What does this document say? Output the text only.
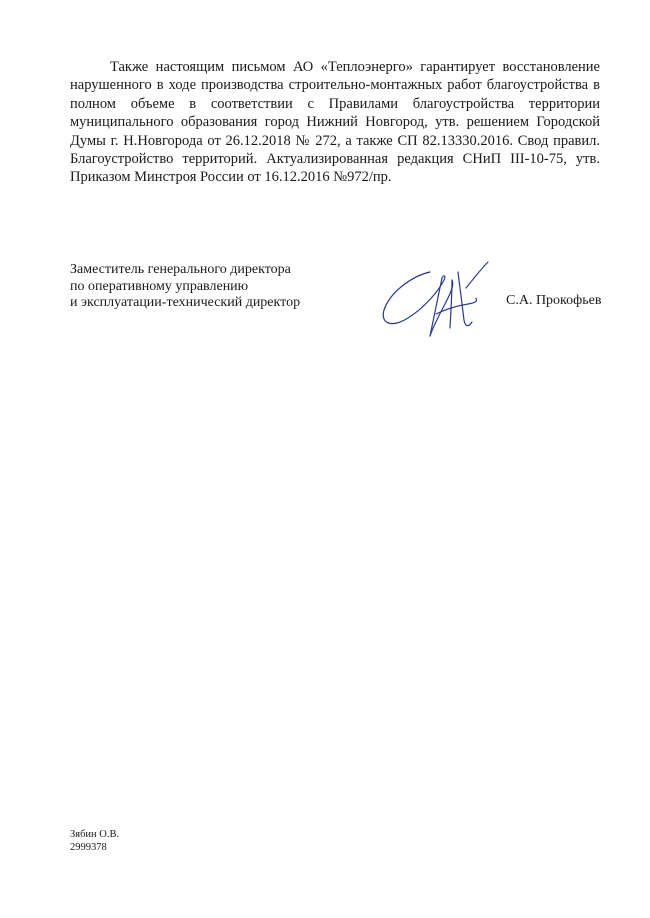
Также настоящим письмом АО «Теплоэнерго» гарантирует восстановление нарушенного в ходе производства строительно-монтажных работ благоустройства в полном объеме в соответствии с Правилами благоустройства территории муниципального образования город Нижний Новгород, утв. решением Городской Думы г. Н.Новгорода от 26.12.2018 № 272, а также СП 82.13330.2016. Свод правил. Благоустройство территорий. Актуализированная редакция СНиП III-10-75, утв. Приказом Минстроя России от 16.12.2016 №972/пр.

Заместитель генерального директора
по оперативному управлению
и эксплуатации-технический директор	С.А. Прокофьев
Зябин О.В.
2999378
